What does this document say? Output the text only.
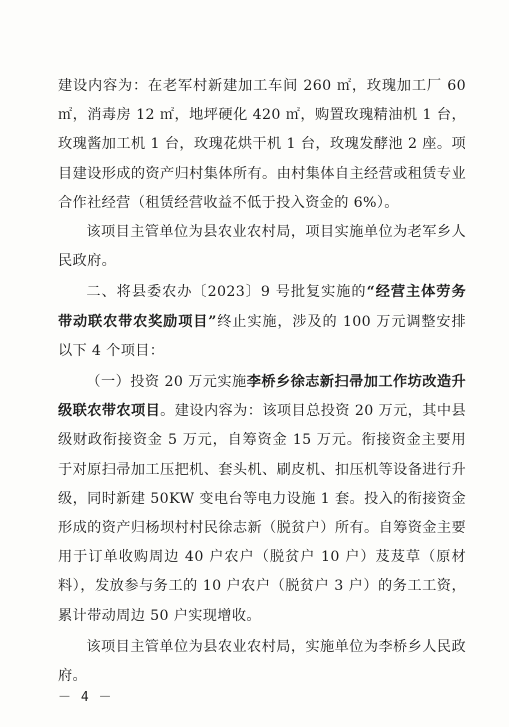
建设内容为：在老军村新建加工车间 260 ㎡，玫瑰加工厂 60 ㎡，消毒房 12 ㎡，地坪硬化 420 ㎡，购置玫瑰精油机 1 台，玫瑰酱加工机 1 台，玫瑰花烘干机 1 台，玫瑰发酵池 2 座。项目建设形成的资产归村集体所有。由村集体自主经营或租赁专业合作社经营（租赁经营收益不低于投入资金的 6%）。

该项目主管单位为县农业农村局，项目实施单位为老军乡人民政府。

二、将县委农办〔2023〕9 号批复实施的“经营主体劳务带动联农带农奖励项目”终止实施，涉及的 100 万元调整安排以下 4 个项目：

（一）投资 20 万元实施李桥乡徐志新扫帚加工作坊改造升级联农带农项目。建设内容为：该项目总投资 20 万元，其中县级财政衔接资金 5 万元，自筹资金 15 万元。衔接资金主要用于对原扫帚加工压把机、套头机、刷皮机、扣压机等设备进行升级，同时新建 50KW 变电台等电力设施 1 套。投入的衔接资金形成的资产归杨坝村村民徐志新（脱贫户）所有。自筹资金主要用于订单收购周边 40 户农户（脱贫户 10 户）芨芨草（原材料），发放参与务工的 10 户农户（脱贫户 3 户）的务工工资，累计带动周边 50 户实现增收。

该项目主管单位为县农业农村局，实施单位为李桥乡人民政府。

－ 4 －
